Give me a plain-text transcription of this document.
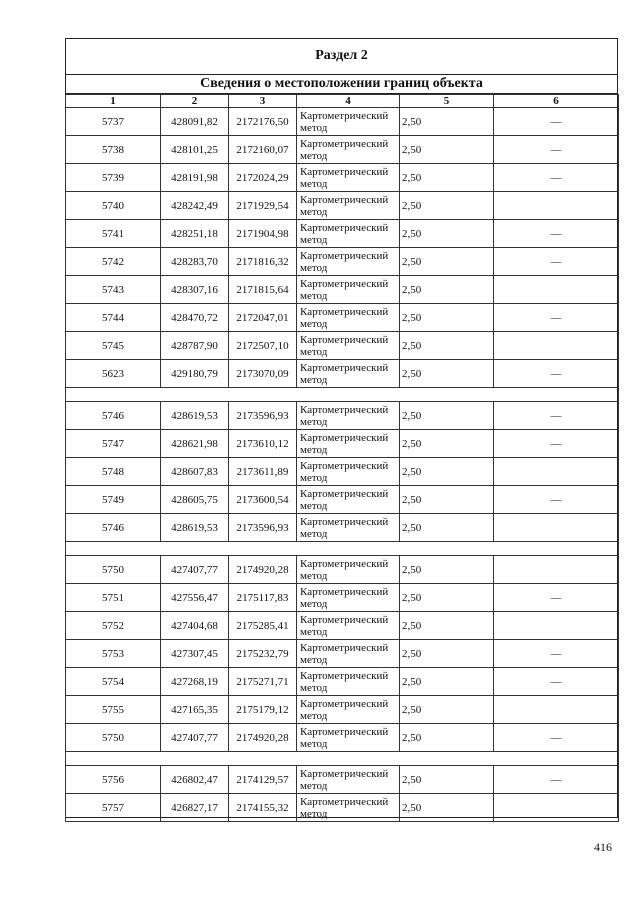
Раздел 2
Сведения о местоположении границ объекта
1	2	3	4	5	6
5737	428091,82	2172176,50	Картометрический метод	2,50	—
5738	428101,25	2172160,07	Картометрический метод	2,50	—
5739	428191,98	2172024,29	Картометрический метод	2,50	—
5740	428242,49	2171929,54	Картометрический метод	2,50	
5741	428251,18	2171904,98	Картометрический метод	2,50	—
5742	428283,70	2171816,32	Картометрический метод	2,50	—
5743	428307,16	2171815,64	Картометрический метод	2,50	
5744	428470,72	2172047,01	Картометрический метод	2,50	—
5745	428787,90	2172507,10	Картометрический метод	2,50	
5623	429180,79	2173070,09	Картометрический метод	2,50	—

5746	428619,53	2173596,93	Картометрический метод	2,50	—
5747	428621,98	2173610,12	Картометрический метод	2,50	—
5748	428607,83	2173611,89	Картометрический метод	2,50	
5749	428605,75	2173600,54	Картометрический метод	2,50	—
5746	428619,53	2173596,93	Картометрический метод	2,50	

5750	427407,77	2174920,28	Картометрический метод	2,50	
5751	427556,47	2175117,83	Картометрический метод	2,50	—
5752	427404,68	2175285,41	Картометрический метод	2,50	
5753	427307,45	2175232,79	Картометрический метод	2,50	—
5754	427268,19	2175271,71	Картометрический метод	2,50	—
5755	427165,35	2175179,12	Картометрический метод	2,50	
5750	427407,77	2174920,28	Картометрический метод	2,50	—

5756	426802,47	2174129,57	Картометрический метод	2,50	—
5757	426827,17	2174155,32	Картометрический метод	2,50	
416
